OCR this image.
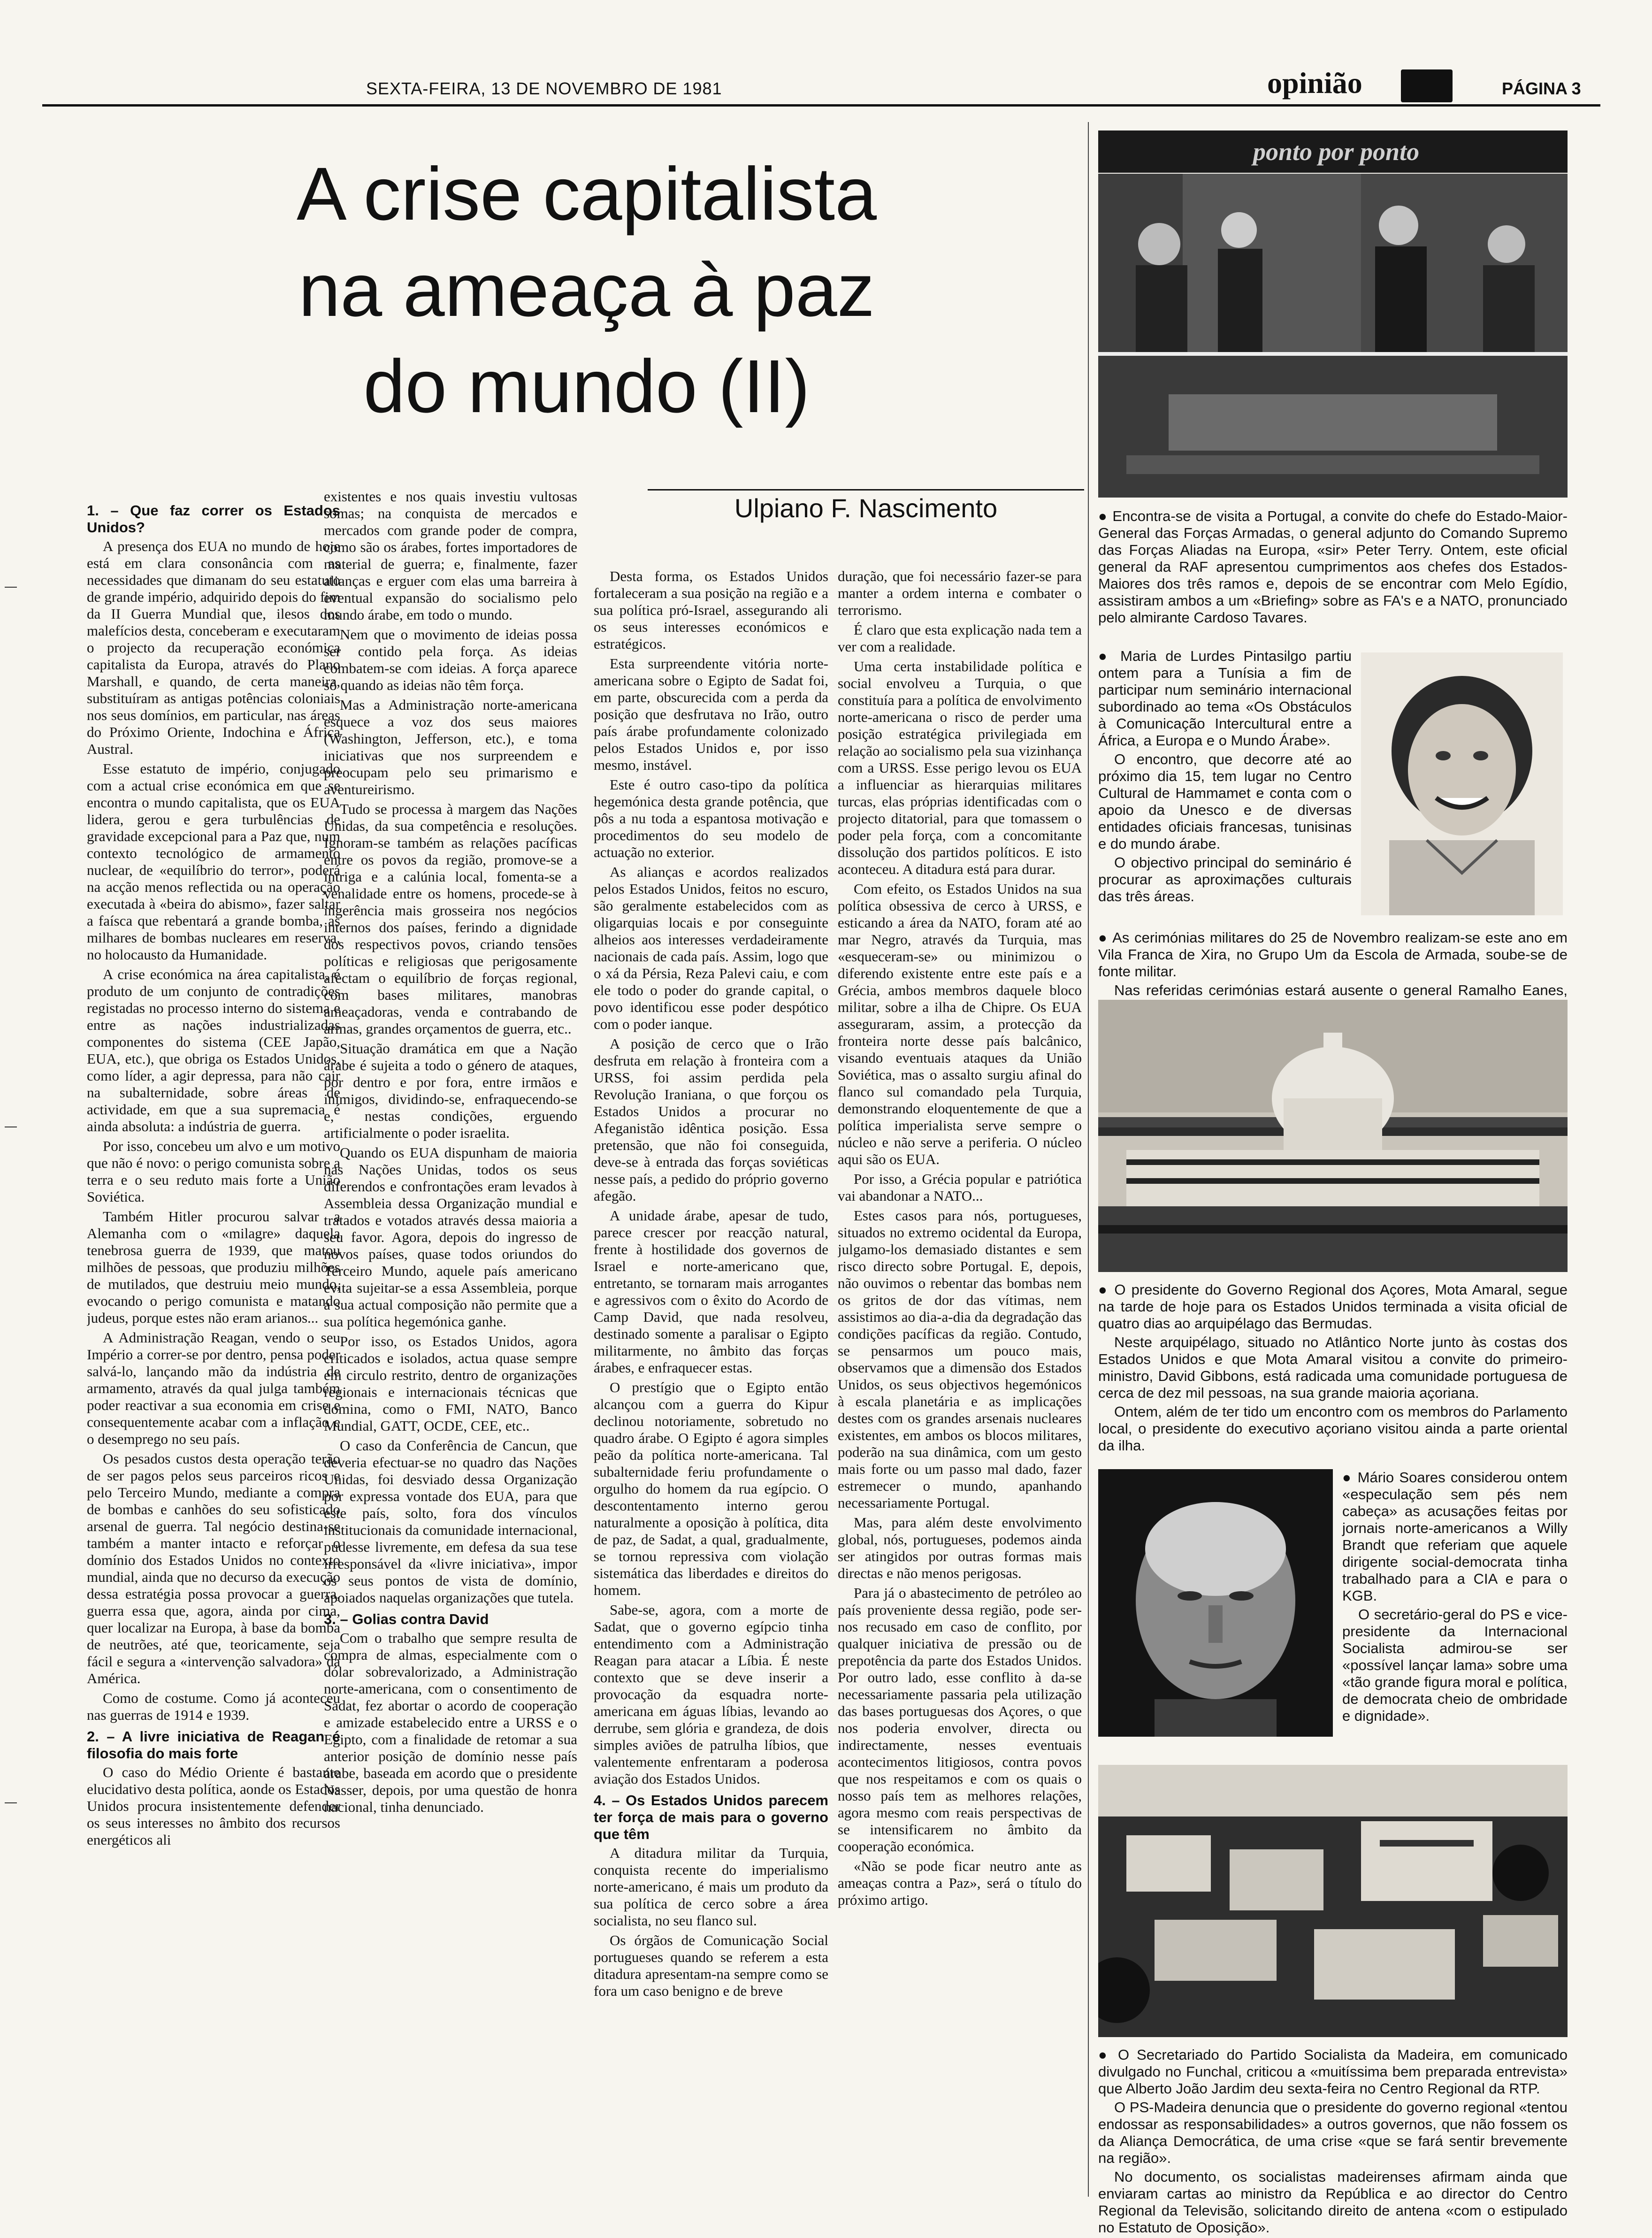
SEXTA-FEIRA, 13 DE NOVEMBRO DE 1981	opinião	PÁGINA 3
A crise capitalista
na ameaça à paz
do mundo (II)
Ulpiano F. Nascimento
1. – Que faz correr os Estados Unidos?

A presença dos EUA no mundo de hoje está em clara consonância com as necessidades que dimanam do seu estatuto de grande império, adquirido depois do fim da II Guerra Mundial que, ilesos dos malefícios desta, conceberam e executaram o projecto da recuperação económica capitalista da Europa, através do Plano Marshall, e quando, de certa maneira, substituíram as antigas potências coloniais nos seus domínios, em particular, nas áreas do Próximo Oriente, Indochina e África Austral.

Esse estatuto de império, conjugado com a actual crise económica em que se encontra o mundo capitalista, que os EUA lidera, gerou e gera turbulências de gravidade excepcional para a Paz que, num contexto tecnológico de armamento nuclear, de «equilíbrio do terror», poderá na acção menos reflectida ou na operação executada à «beira do abismo», fazer saltar a faísca que rebentará a grande bomba, as milhares de bombas nucleares em reserva, no holocausto da Humanidade.

A crise económica na área capitalista, é produto de um conjunto de contradições registadas no processo interno do sistema e entre as nações industrializadas componentes do sistema (CEE Japão, EUA, etc.), que obriga os Estados Unidos, como líder, a agir depressa, para não cair na subalternidade, sobre áreas de actividade, em que a sua supremacia é ainda absoluta: a indústria de guerra.

Por isso, concebeu um alvo e um motivo que não é novo: o perigo comunista sobre a terra e o seu reduto mais forte a União Soviética.

Também Hitler procurou salvar a Alemanha com o «milagre» daquela tenebrosa guerra de 1939, que matou milhões de pessoas, que produziu milhões de mutilados, que destruiu meio mundo, evocando o perigo comunista e matando judeus, porque estes não eram arianos...

A Administração Reagan, vendo o seu Império a correr-se por dentro, pensa poder salvá-lo, lançando mão da indústria de armamento, através da qual julga também poder reactivar a sua economia em crise e consequentemente acabar com a inflação e o desemprego no seu país.

Os pesados custos desta operação terão de ser pagos pelos seus parceiros ricos e pelo Terceiro Mundo, mediante a compra de bombas e canhões do seu sofisticado arsenal de guerra. Tal negócio destina-se também a manter intacto e reforçar o domínio dos Estados Unidos no contexto mundial, ainda que no decurso da execução dessa estratégia possa provocar a guerra, guerra essa que, agora, ainda por cima, quer localizar na Europa, à base da bomba de neutrões, até que, teoricamente, seja fácil e segura a «intervenção salvadora» da América.

Como de costume. Como já aconteceu nas guerras de 1914 e 1939.

2. – A livre iniciativa de Reagan é filosofia do mais forte

O caso do Médio Oriente é bastante elucidativo desta política, aonde os Estados Unidos procura insistentemente defender os seus interesses no âmbito dos recursos energéticos ali

existentes e nos quais investiu vultosas somas; na conquista de mercados e mercados com grande poder de compra, como são os árabes, fortes importadores de material de guerra; e, finalmente, fazer alianças e erguer com elas uma barreira à eventual expansão do socialismo pelo mundo árabe, em todo o mundo.

Nem que o movimento de ideias possa ser contido pela força. As ideias combatem-se com ideias. A força aparece só quando as ideias não têm força.

Mas a Administração norte-americana esquece a voz dos seus maiores (Washington, Jefferson, etc.), e toma iniciativas que nos surpreendem e preocupam pelo seu primarismo e aventureirismo.

Tudo se processa à margem das Nações Unidas, da sua competência e resoluções. Ignoram-se também as relações pacíficas entre os povos da região, promove-se a intriga e a calúnia local, fomenta-se a venalidade entre os homens, procede-se à ingerência mais grosseira nos negócios internos dos países, ferindo a dignidade dos respectivos povos, criando tensões políticas e religiosas que perigosamente afectam o equilíbrio de forças regional, com bases militares, manobras ameaçadoras, venda e contrabando de armas, grandes orçamentos de guerra, etc..

Situação dramática em que a Nação árabe é sujeita a todo o género de ataques, por dentro e por fora, entre irmãos e inimigos, dividindo-se, enfraquecendo-se e, nestas condições, erguendo artificialmente o poder israelita.

Quando os EUA dispunham de maioria nas Nações Unidas, todos os seus diferendos e confrontações eram levados à Assembleia dessa Organização mundial e tratados e votados através dessa maioria a seu favor. Agora, depois do ingresso de novos países, quase todos oriundos do Terceiro Mundo, aquele país americano evita sujeitar-se a essa Assembleia, porque a sua actual composição não permite que a sua política hegemónica ganhe.

Por isso, os Estados Unidos, agora criticados e isolados, actua quase sempre em circulo restrito, dentro de organizações regionais e internacionais técnicas que domina, como o FMI, NATO, Banco Mundial, GATT, OCDE, CEE, etc..

O caso da Conferência de Cancun, que deveria efectuar-se no quadro das Nações Unidas, foi desviado dessa Organização por expressa vontade dos EUA, para que este país, solto, fora dos vínculos institucionais da comunidade internacional, pudesse livremente, em defesa da sua tese irresponsável da «livre iniciativa», impor os seus pontos de vista de domínio, apoiados naquelas organizações que tutela.

3. – Golias contra David

Com o trabalho que sempre resulta de compra de almas, especialmente com o dólar sobrevalorizado, a Administração norte-americana, com o consentimento de Sadat, fez abortar o acordo de cooperação e amizade estabelecido entre a URSS e o Egipto, com a finalidade de retomar a sua anterior posição de domínio nesse país árabe, baseada em acordo que o presidente Nasser, depois, por uma questão de honra nacional, tinha denunciado.

Desta forma, os Estados Unidos fortaleceram a sua posição na região e a sua política pró-Israel, assegurando ali os seus interesses económicos e estratégicos.

Esta surpreendente vitória norte-americana sobre o Egipto de Sadat foi, em parte, obscurecida com a perda da posição que desfrutava no Irão, outro país árabe profundamente colonizado pelos Estados Unidos e, por isso mesmo, instável.

Este é outro caso-tipo da política hegemónica desta grande potência, que pôs a nu toda a espantosa motivação e procedimentos do seu modelo de actuação no exterior.

As alianças e acordos realizados pelos Estados Unidos, feitos no escuro, são geralmente estabelecidos com as oligarquias locais e por conseguinte alheios aos interesses verdadeiramente nacionais de cada país. Assim, logo que o xá da Pérsia, Reza Palevi caiu, e com ele todo o poder do grande capital, o povo identificou esse poder despótico com o poder ianque.

A posição de cerco que o Irão desfruta em relação à fronteira com a URSS, foi assim perdida pela Revolução Iraniana, o que forçou os Estados Unidos a procurar no Afeganistão idêntica posição. Essa pretensão, que não foi conseguida, deve-se à entrada das forças soviéticas nesse país, a pedido do próprio governo afegão.

A unidade árabe, apesar de tudo, parece crescer por reacção natural, frente à hostilidade dos governos de Israel e norte-americano que, entretanto, se tornaram mais arrogantes e agressivos com o êxito do Acordo de Camp David, que nada resolveu, destinado somente a paralisar o Egipto militarmente, no âmbito das forças árabes, e enfraquecer estas.

O prestígio que o Egipto então alcançou com a guerra do Kipur declinou notoriamente, sobretudo no quadro árabe. O Egipto é agora simples peão da política norte-americana. Tal subalternidade feriu profundamente o orgulho do homem da rua egípcio. O descontentamento interno gerou naturalmente a oposição à política, dita de paz, de Sadat, a qual, gradualmente, se tornou repressiva com violação sistemática das liberdades e direitos do homem.

Sabe-se, agora, com a morte de Sadat, que o governo egípcio tinha entendimento com a Administração Reagan para atacar a Líbia. É neste contexto que se deve inserir a provocação da esquadra norte-americana em águas líbias, levando ao derrube, sem glória e grandeza, de dois simples aviões de patrulha líbios, que valentemente enfrentaram a poderosa aviação dos Estados Unidos.

4. – Os Estados Unidos parecem ter força de mais para o governo que têm

A ditadura militar da Turquia, conquista recente do imperialismo norte-americano, é mais um produto da sua política de cerco sobre a área socialista, no seu flanco sul.

Os órgãos de Comunicação Social portugueses quando se referem a esta ditadura apresentam-na sempre como se fora um caso benigno e de breve

duração, que foi necessário fazer-se para manter a ordem interna e combater o terrorismo.

É claro que esta explicação nada tem a ver com a realidade.

Uma certa instabilidade política e social envolveu a Turquia, o que constituía para a política de envolvimento norte-americana o risco de perder uma posição estratégica privilegiada em relação ao socialismo pela sua vizinhança com a URSS. Esse perigo levou os EUA a influenciar as hierarquias militares turcas, elas próprias identificadas com o projecto ditatorial, para que tomassem o poder pela força, com a concomitante dissolução dos partidos políticos. E isto aconteceu. A ditadura está para durar.

Com efeito, os Estados Unidos na sua política obsessiva de cerco à URSS, e esticando a área da NATO, foram até ao mar Negro, através da Turquia, mas «esqueceram-se» ou minimizou o diferendo existente entre este país e a Grécia, ambos membros daquele bloco militar, sobre a ilha de Chipre. Os EUA asseguraram, assim, a protecção da fronteira norte desse país balcânico, visando eventuais ataques da União Soviética, mas o assalto surgiu afinal do flanco sul comandado pela Turquia, demonstrando eloquentemente de que a política imperialista serve sempre o núcleo e não serve a periferia. O núcleo aqui são os EUA.

Por isso, a Grécia popular e patriótica vai abandonar a NATO...

Estes casos para nós, portugueses, situados no extremo ocidental da Europa, julgamo-los demasiado distantes e sem risco directo sobre Portugal. E, depois, não ouvimos o rebentar das bombas nem os gritos de dor das vítimas, nem assistimos ao dia-a-dia da degradação das condições pacíficas da região. Contudo, se pensarmos um pouco mais, observamos que a dimensão dos Estados Unidos, os seus objectivos hegemónicos à escala planetária e as implicações destes com os grandes arsenais nucleares existentes, em ambos os blocos militares, poderão na sua dinâmica, com um gesto mais forte ou um passo mal dado, fazer estremecer o mundo, apanhando necessariamente Portugal.

Mas, para além deste envolvimento global, nós, portugueses, podemos ainda ser atingidos por outras formas mais directas e não menos perigosas.

Para já o abastecimento de petróleo ao país proveniente dessa região, pode ser-nos recusado em caso de conflito, por qualquer iniciativa de pressão ou de prepotência da parte dos Estados Unidos. Por outro lado, esse conflito à da-se necessariamente passaria pela utilização das bases portuguesas dos Açores, o que nos poderia envolver, directa ou indirectamente, nesses eventuais acontecimentos litigiosos, contra povos que nos respeitamos e com os quais o nosso país tem as melhores relações, agora mesmo com reais perspectivas de se intensificarem no âmbito da cooperação económica.

«Não se pode ficar neutro ante as ameaças contra a Paz», será o título do próximo artigo.

ponto por ponto

● Encontra-se de visita a Portugal, a convite do chefe do Estado-Maior-General das Forças Armadas, o general adjunto do Comando Supremo das Forças Aliadas na Europa, «sir» Peter Terry. Ontem, este oficial general da RAF apresentou cumprimentos aos chefes dos Estados-Maiores dos três ramos e, depois de se encontrar com Melo Egídio, assistiram ambos a um «Briefing» sobre as FA's e a NATO, pronunciado pelo almirante Cardoso Tavares.

● Maria de Lurdes Pintasilgo partiu ontem para a Tunísia a fim de participar num seminário internacional subordinado ao tema «Os Obstáculos à Comunicação Intercultural entre a África, a Europa e o Mundo Árabe».

O encontro, que decorre até ao próximo dia 15, tem lugar no Centro Cultural de Hammamet e conta com o apoio da Unesco e de diversas entidades oficiais francesas, tunisinas e do mundo árabe.

O objectivo principal do seminário é procurar as aproximações culturais das três áreas.

● As cerimónias militares do 25 de Novembro realizam-se este ano em Vila Franca de Xira, no Grupo Um da Escola de Armada, soube-se de fonte militar.

Nas referidas cerimónias estará ausente o general Ramalho Eanes,

● O presidente do Governo Regional dos Açores, Mota Amaral, segue na tarde de hoje para os Estados Unidos terminada a visita oficial de quatro dias ao arquipélago das Bermudas.

Neste arquipélago, situado no Atlântico Norte junto às costas dos Estados Unidos e que Mota Amaral visitou a convite do primeiro-ministro, David Gibbons, está radicada uma comunidade portuguesa de cerca de dez mil pessoas, na sua grande maioria açoriana.

Ontem, além de ter tido um encontro com os membros do Parlamento local, o presidente do executivo açoriano visitou ainda a parte oriental da ilha.

● Mário Soares considerou ontem «especulação sem pés nem cabeça» as acusações feitas por jornais norte-americanos a Willy Brandt que referiam que aquele dirigente social-democrata tinha trabalhado para a CIA e para o KGB.

O secretário-geral do PS e vice-presidente da Internacional Socialista admirou-se ser «possível lançar lama» sobre uma «tão grande figura moral e política, de democrata cheio de ombridade e dignidade».

● O Secretariado do Partido Socialista da Madeira, em comunicado divulgado no Funchal, criticou a «muitíssima bem preparada entrevista» que Alberto João Jardim deu sexta-feira no Centro Regional da RTP.

O PS-Madeira denuncia que o presidente do governo regional «tentou endossar as responsabilidades» a outros governos, que não fossem os da Aliança Democrática, de uma crise «que se fará sentir brevemente na região».

No documento, os socialistas madeirenses afirmam ainda que enviaram cartas ao ministro da República e ao director do Centro Regional da Televisão, solicitando direito de antena «com o estipulado no Estatuto de Oposição».
